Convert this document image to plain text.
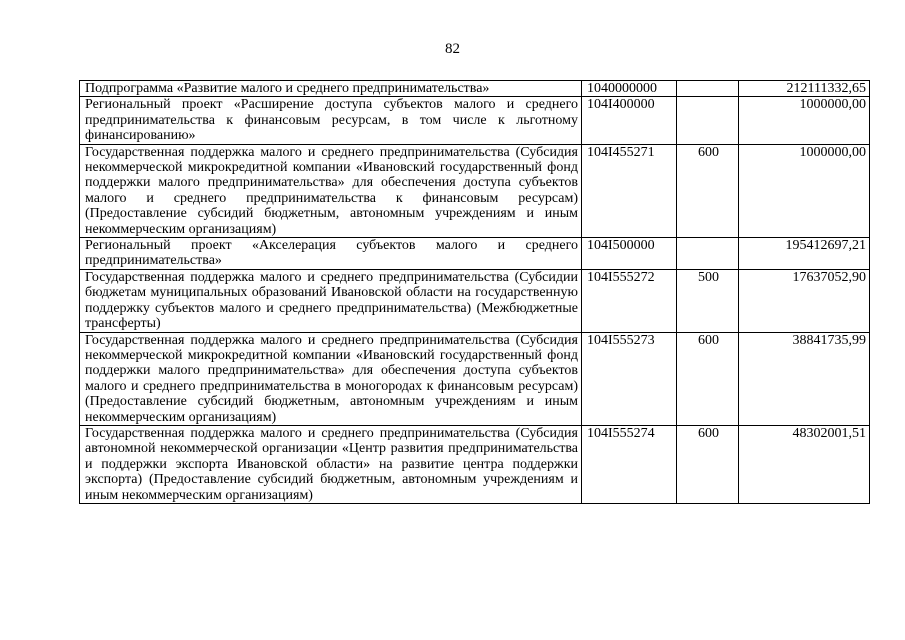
82
Подпрограмма «Развитие малого и среднего предпринимательства»	1040000000		212111332,65
Региональный проект «Расширение доступа субъектов малого и среднего предпринимательства к финансовым ресурсам, в том числе к льготному финансированию»	104I400000		1000000,00
Государственная поддержка малого и среднего предпринимательства (Субсидия некоммерческой микрокредитной компании «Ивановский государственный фонд поддержки малого предпринимательства» для обеспечения доступа субъектов малого и среднего предпринимательства к финансовым ресурсам) (Предоставление субсидий бюджетным, автономным учреждениям и иным некоммерческим организациям)	104I455271	600	1000000,00
Региональный проект «Акселерация субъектов малого и среднего предпринимательства»	104I500000		195412697,21
Государственная поддержка малого и среднего предпринимательства (Субсидии бюджетам муниципальных образований Ивановской области на государственную поддержку субъектов малого и среднего предпринимательства) (Межбюджетные трансферты)	104I555272	500	17637052,90
Государственная поддержка малого и среднего предпринимательства (Субсидия некоммерческой микрокредитной компании «Ивановский государственный фонд поддержки малого предпринимательства» для обеспечения доступа субъектов малого и среднего предпринимательства в моногородах к финансовым ресурсам) (Предоставление субсидий бюджетным, автономным учреждениям и иным некоммерческим организациям)	104I555273	600	38841735,99
Государственная поддержка малого и среднего предпринимательства (Субсидия автономной некоммерческой организации «Центр развития предпринимательства и поддержки экспорта Ивановской области» на развитие центра поддержки экспорта) (Предоставление субсидий бюджетным, автономным учреждениям и иным некоммерческим организациям)	104I555274	600	48302001,51
